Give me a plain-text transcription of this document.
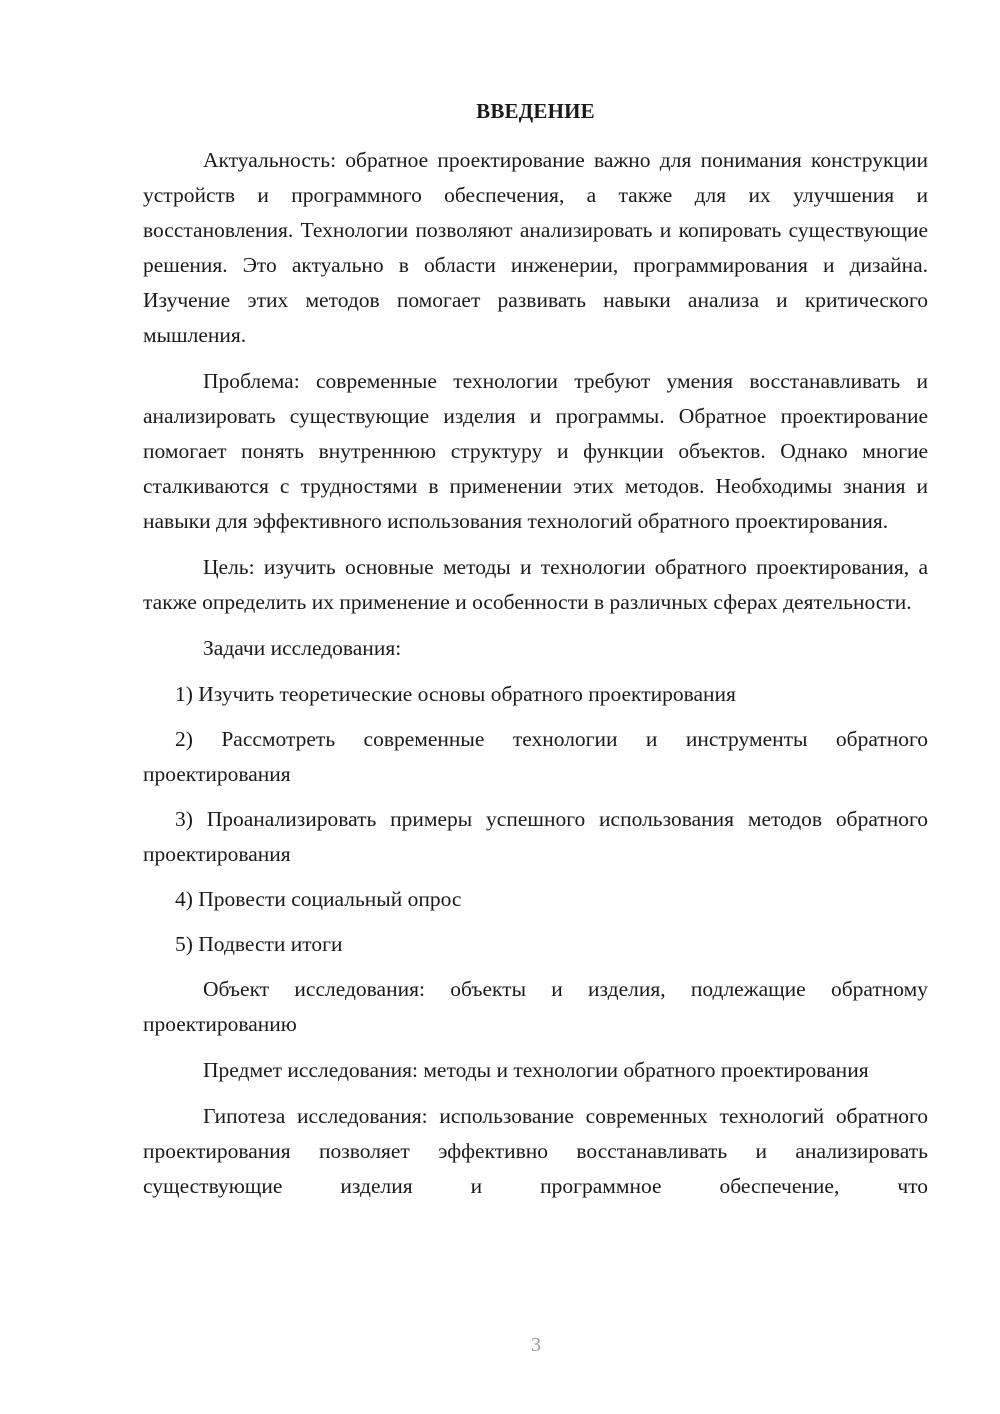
ВВЕДЕНИЕ

Актуальность: обратное проектирование важно для понимания конструкции устройств и программного обеспечения, а также для их улучшения и восстановления. Технологии позволяют анализировать и копировать существующие решения. Это актуально в области инженерии, программирования и дизайна. Изучение этих методов помогает развивать навыки анализа и критического мышления.

Проблема: современные технологии требуют умения восстанавливать и анализировать существующие изделия и программы. Обратное проектирование помогает понять внутреннюю структуру и функции объектов. Однако многие сталкиваются с трудностями в применении этих методов. Необходимы знания и навыки для эффективного использования технологий обратного проектирования.

Цель: изучить основные методы и технологии обратного проектирования, а также определить их применение и особенности в различных сферах деятельности.

Задачи исследования:

1) Изучить теоретические основы обратного проектирования

2) Рассмотреть современные технологии и инструменты обратного проектирования

3) Проанализировать примеры успешного использования методов обратного проектирования

4) Провести социальный опрос

5) Подвести итоги

Объект исследования: объекты и изделия, подлежащие обратному проектированию

Предмет исследования: методы и технологии обратного проектирования

Гипотеза исследования: использование современных технологий обратного проектирования позволяет эффективно восстанавливать и анализировать существующие изделия и программное обеспечение, что

3
